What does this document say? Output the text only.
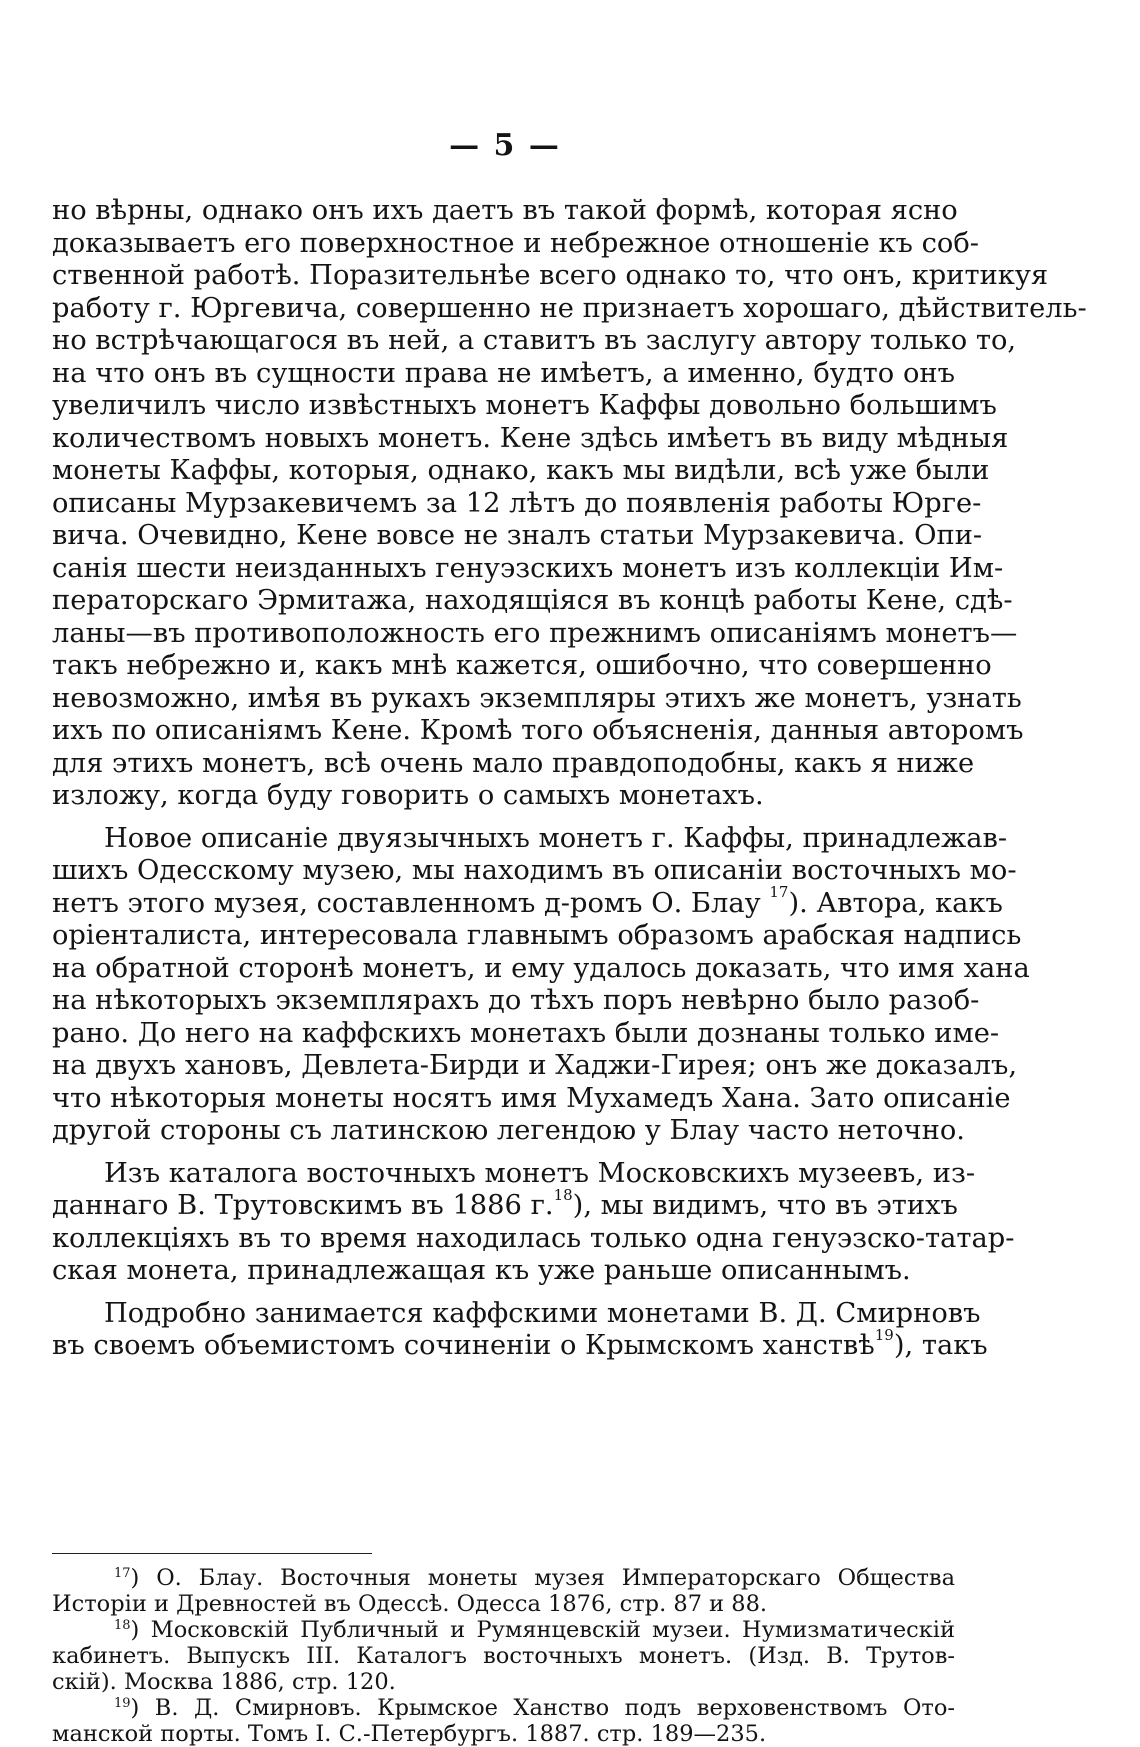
— 5 —
но вѣрны, однако онъ ихъ даетъ въ такой формѣ, которая ясно
доказываетъ его поверхностное и небрежное отношеніе къ соб-
ственной работѣ. Поразительнѣе всего однако то, что онъ, критикуя
работу г. Юргевича, совершенно не признаетъ хорошаго, дѣйствитель-
но встрѣчающагося въ ней, а ставитъ въ заслугу автору только то,
на что онъ въ сущности права не имѣетъ, а именно, будто онъ
увеличилъ число извѣстныхъ монетъ Каффы довольно большимъ
количествомъ новыхъ монетъ. Кене здѣсь имѣетъ въ виду мѣдныя
монеты Каффы, которыя, однако, какъ мы видѣли, всѣ уже были
описаны Мурзакевичемъ за 12 лѣтъ до появленія работы Юрге-
вича. Очевидно, Кене вовсе не зналъ статьи Мурзакевича. Опи-
санія шести неизданныхъ генуэзскихъ монетъ изъ коллекціи Им-
ператорскаго Эрмитажа, находящіяся въ концѣ работы Кене, сдѣ-
ланы—въ противоположность его прежнимъ описаніямъ монетъ—
такъ небрежно и, какъ мнѣ кажется, ошибочно, что совершенно
невозможно, имѣя въ рукахъ экземпляры этихъ же монетъ, узнать
ихъ по описаніямъ Кене. Кромѣ того объясненія, данныя авторомъ
для этихъ монетъ, всѣ очень мало правдоподобны, какъ я ниже
изложу, когда буду говорить о самыхъ монетахъ.
Новое описаніе двуязычныхъ монетъ г. Каффы, принадлежав-
шихъ Одесскому музею, мы находимъ въ описаніи восточныхъ мо-
нетъ этого музея, составленномъ д-ромъ О. Блау $^{17}$). Автора, какъ
оріенталиста, интересовала главнымъ образомъ арабская надпись
на обратной сторонѣ монетъ, и ему удалось доказать, что имя хана
на нѣкоторыхъ экземплярахъ до тѣхъ поръ невѣрно было разоб-
рано. До него на каффскихъ монетахъ были дознаны только име-
на двухъ хановъ, Девлета-Бирди и Хаджи-Гирея; онъ же доказалъ,
что нѣкоторыя монеты носятъ имя Мухамедъ Хана. Зато описаніе
другой стороны съ латинскою легендою у Блау часто неточно.
Изъ каталога восточныхъ монетъ Московскихъ музеевъ, из-
даннаго В. Трутовскимъ въ 1886 г.$^{18}$), мы видимъ, что въ этихъ
коллекціяхъ въ то время находилась только одна генуэзско-татар-
ская монета, принадлежащая къ уже раньше описаннымъ.
Подробно занимается каффскими монетами В. Д. Смирновъ
въ своемъ объемистомъ сочиненіи о Крымскомъ ханствѣ$^{19}$), такъ
$^{17}$) О. Блау. Восточныя монеты музея Императорскаго Общества
Исторіи и Древностей въ Одессѣ. Одесса 1876, стр. 87 и 88.
$^{18}$) Московскій Публичный и Румянцевскій музеи. Нумизматическій
кабинетъ. Выпускъ III. Каталогъ восточныхъ монетъ. (Изд. В. Трутов-
скій). Москва 1886, стр. 120.
$^{19}$) В. Д. Смирновъ. Крымское Ханство подъ верховенствомъ Ото-
манской порты. Томъ I. С.-Петербургъ. 1887. стр. 189—235.
